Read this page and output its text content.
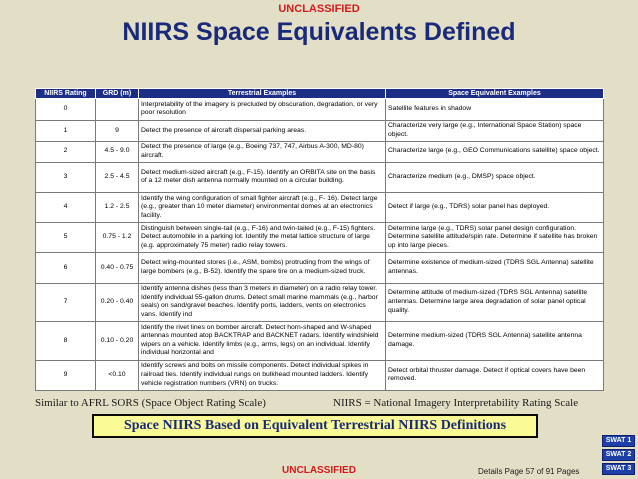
UNCLASSIFIED
NIIRS Space Equivalents Defined
NIIRS Rating	GRD (m)	Terrestrial Examples	Space Equivalent Examples
0		Interpretability of the imagery is precluded by obscuration, degradation, or very poor resolution	Satellite features in shadow
1	9	Detect the presence of aircraft dispersal parking areas.	Characterize very large (e.g., International Space Station) space object.
2	4.5 - 9.0	Detect the presence of large (e.g., Boeing 737, 747, Airbus A-300, MD-80) aircraft.	Characterize large (e.g., GEO Communications satellite) space object.
3	2.5 - 4.5	Detect medium-sized aircraft (e.g., F-15). Identify an ORBITA site on the basis of a 12 meter dish antenna normally mounted on a circular building.	Characterize medium (e.g., DMSP) space object.
4	1.2 - 2.5	Identify the wing configuration of small fighter aircraft (e.g., F- 16). Detect large (e.g., greater than 10 meter diameter) environmental domes at an electronics facility.	Detect if large (e.g., TDRS) solar panel has deployed.
5	0.75 - 1.2	Distinguish between single-tail (e.g., F-16) and twin-tailed (e.g., F-15) fighters. Detect automobile in a parking lot. Identify the metal lattice structure of large (e.g. approximately 75 meter) radio relay towers.	Determine large (e.g., TDRS) solar panel design configuration. Determine satellite attitude/spin rate. Determine if satellite has broken up into large pieces.
6	0.40 - 0.75	Detect wing-mounted stores (i.e., ASM, bombs) protruding from the wings of large bombers (e.g., B-52). Identify the spare tire on a medium-sized truck.	Determine existence of medium-sized (TDRS SGL Antenna) satellite antennas.
7	0.20 - 0.40	Identify antenna dishes (less than 3 meters in diameter) on a radio relay tower. Identify individual 55-gallon drums. Detect small marine mammals (e.g., harbor seals) on sand/gravel beaches. Identify ports, ladders, vents on electronics vans. Identify ind	Determine attitude of medium-sized (TDRS SGL Antenna) satellite antennas. Determine large area degradation of solar panel optical quality.
8	0.10 - 0.20	Identify the rivet lines on bomber aircraft. Detect horn-shaped and W-shaped antennas mounted atop BACKTRAP and BACKNET radars. Identify windshield wipers on a vehicle. Identify limbs (e.g., arms, legs) on an individual. Identify individual horizontal and	Determine medium-sized (TDRS SGL Antenna) satellite antenna damage.
9	<0.10	Identify screws and bolts on missile components. Detect individual spikes in railroad ties. Identify individual rungs on bulkhead mounted ladders. Identify vehicle registration numbers (VRN) on trucks.	Detect orbital thruster damage. Detect if optical covers have been removed.
Similar to AFRL SORS (Space Object Rating Scale)	NIIRS = National Imagery Interpretability Rating Scale
Space NIIRS Based on Equivalent Terrestrial NIIRS Definitions
UNCLASSIFIED	Details Page 57 of 91 Pages
SWAT 1
SWAT 2
SWAT 3
